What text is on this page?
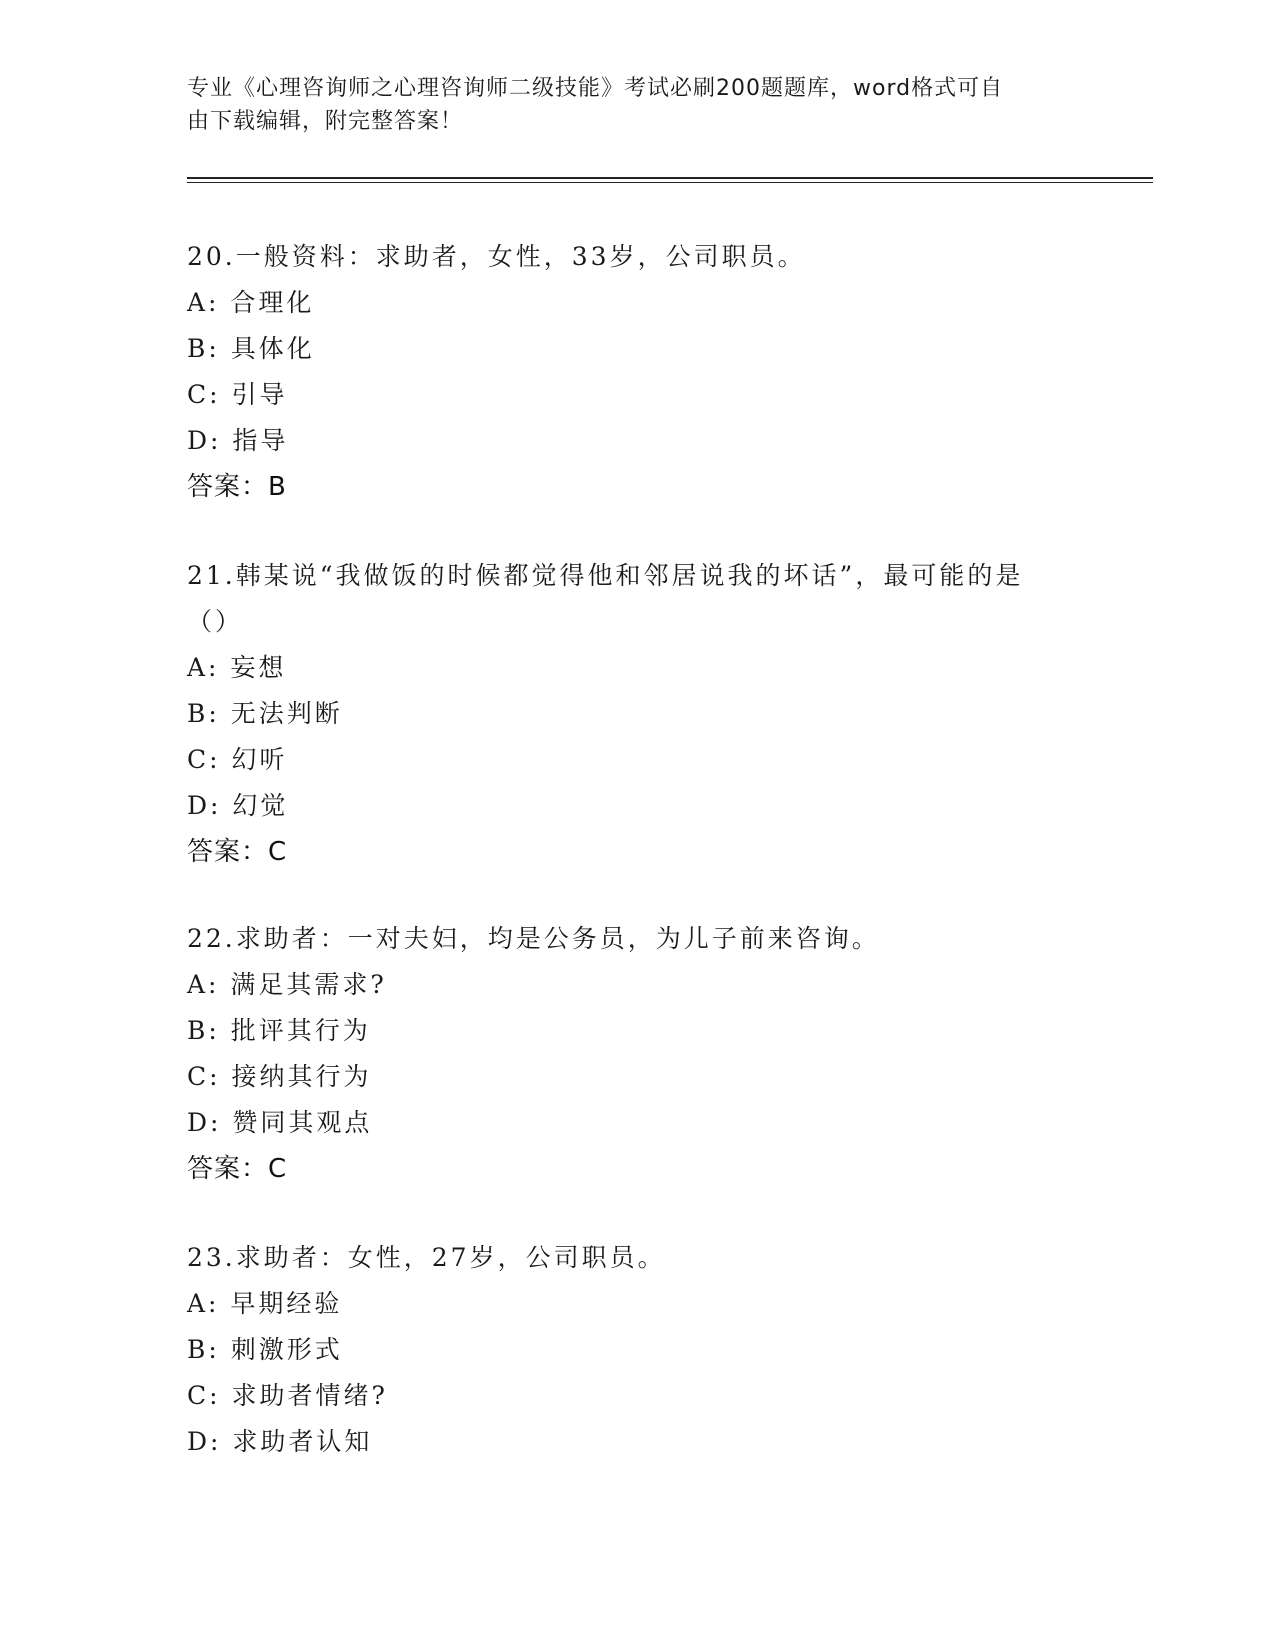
专业《心理咨询师之心理咨询师二级技能》考试必刷200题题库，word格式可自
由下载编辑，附完整答案！

20.一般资料：求助者，女性，33岁，公司职员。

A: 合理化

B: 具体化

C: 引导

D: 指导

答案：B

21.韩某说“我做饭的时候都觉得他和邻居说我的坏话”，最可能的是

（）

A: 妄想

B: 无法判断

C: 幻听

D: 幻觉

答案：C

22.求助者：一对夫妇，均是公务员，为儿子前来咨询。

A: 满足其需求?

B: 批评其行为

C: 接纳其行为

D: 赞同其观点

答案：C

23.求助者：女性，27岁，公司职员。

A: 早期经验

B: 刺激形式

C: 求助者情绪?

D: 求助者认知
